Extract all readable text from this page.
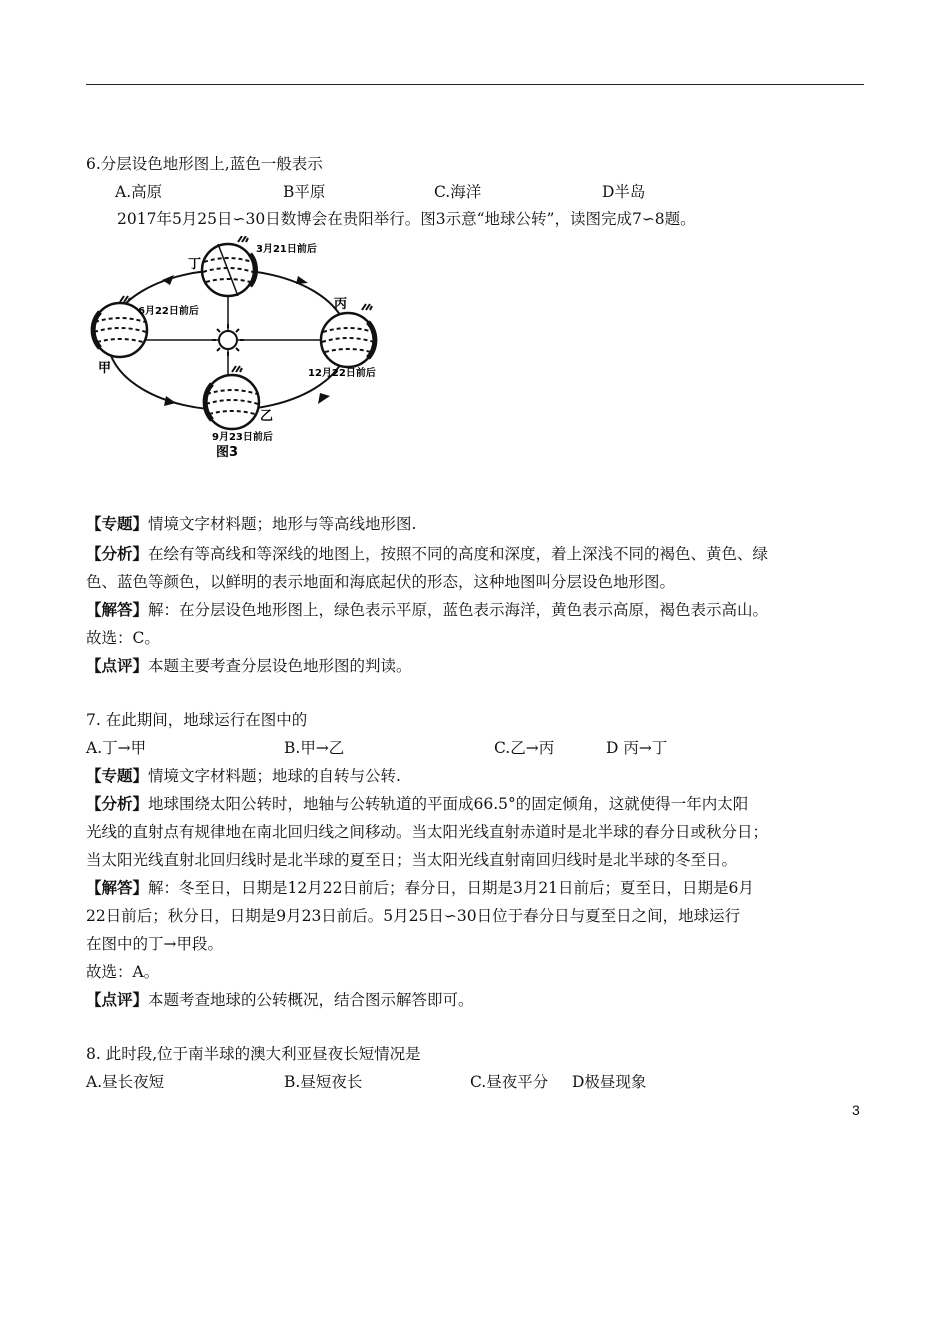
6.分层设色地形图上,蓝色一般表示
A.高原	B平原	C.海洋	D半岛
2017年5月25日∽30日数博会在贵阳举行。图3示意“地球公转”，读图完成7∽8题。
丁
3月21日前后
6月22日前后
甲
丙
12月22日前后
乙
9月23日前后
图3
【专题】情境文字材料题；地形与等高线地形图.
【分析】在绘有等高线和等深线的地图上，按照不同的高度和深度，着上深浅不同的褐色、黄色、绿
色、蓝色等颜色，以鲜明的表示地面和海底起伏的形态，这种地图叫分层设色地形图。
【解答】解：在分层设色地形图上，绿色表示平原，蓝色表示海洋，黄色表示高原，褐色表示高山。
故选：C。
【点评】本题主要考查分层设色地形图的判读。
7. 在此期间，地球运行在图中的
A.丁→甲	B.甲→乙	C.乙→丙	D 丙→丁
【专题】情境文字材料题；地球的自转与公转.
【分析】地球围绕太阳公转时，地轴与公转轨道的平面成66.5°的固定倾角，这就使得一年内太阳
光线的直射点有规律地在南北回归线之间移动。当太阳光线直射赤道时是北半球的春分日或秋分日；
当太阳光线直射北回归线时是北半球的夏至日；当太阳光线直射南回归线时是北半球的冬至日。
【解答】解：冬至日，日期是12月22日前后；春分日，日期是3月21日前后；夏至日，日期是6月
22日前后；秋分日，日期是9月23日前后。5月25日∽30日位于春分日与夏至日之间，地球运行
在图中的丁→甲段。
故选：A。
【点评】本题考查地球的公转概况，结合图示解答即可。
8. 此时段,位于南半球的澳大利亚昼夜长短情况是
A.昼长夜短	B.昼短夜长	C.昼夜平分 D极昼现象
3
